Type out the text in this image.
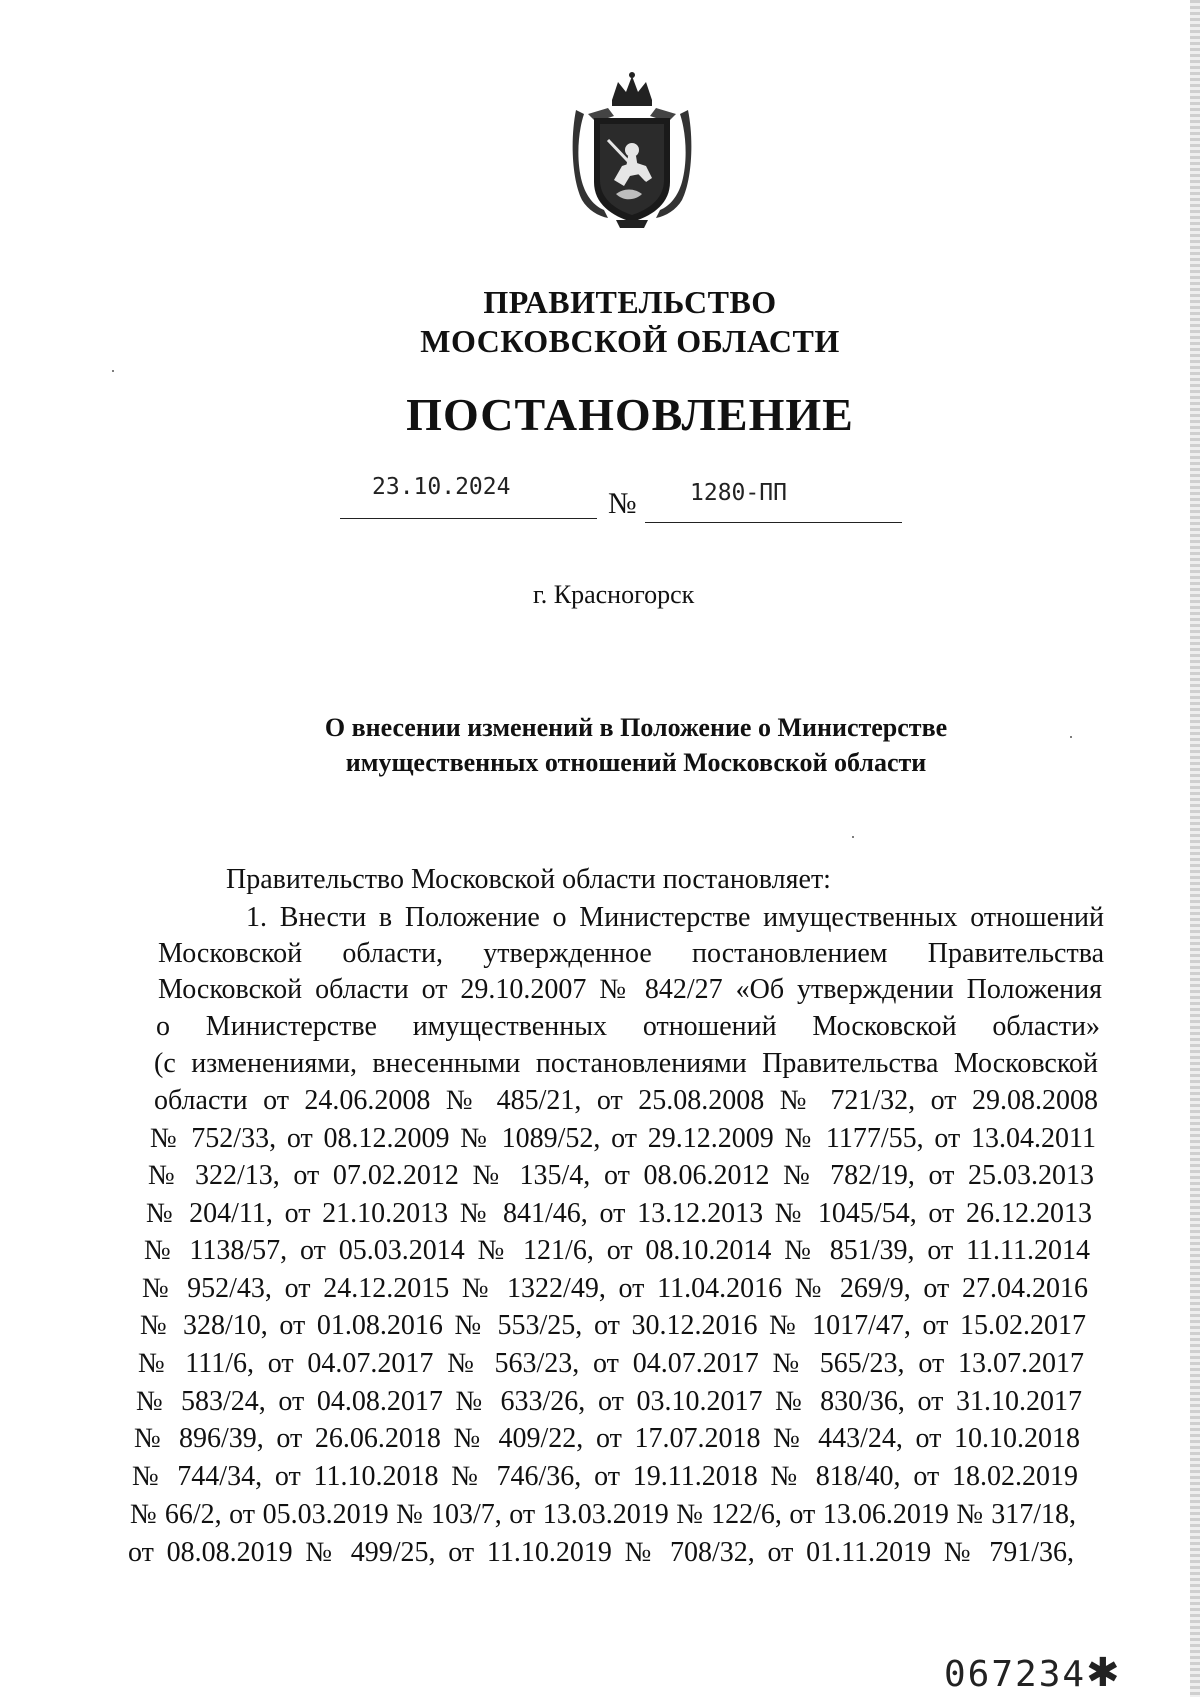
ПРАВИТЕЛЬСТВО
МОСКОВСКОЙ ОБЛАСТИ
ПОСТАНОВЛЕНИЕ
23.10.2024	№ 1280-ПП
г. Красногорск
О внесении изменений в Положение о Министерстве
имущественных отношений Московской области
Правительство Московской области постановляет:
1. Внести в Положение о Министерстве имущественных отношений
Московской области, утвержденное постановлением Правительства
Московской области от 29.10.2007 № 842/27 «Об утверждении Положения
о Министерстве имущественных отношений Московской области»
(с изменениями, внесенными постановлениями Правительства Московской
области от 24.06.2008 № 485/21, от 25.08.2008 № 721/32, от 29.08.2008
№ 752/33, от 08.12.2009 № 1089/52, от 29.12.2009 № 1177/55, от 13.04.2011
№ 322/13, от 07.02.2012 № 135/4, от 08.06.2012 № 782/19, от 25.03.2013
№ 204/11, от 21.10.2013 № 841/46, от 13.12.2013 № 1045/54, от 26.12.2013
№ 1138/57, от 05.03.2014 № 121/6, от 08.10.2014 № 851/39, от 11.11.2014
№ 952/43, от 24.12.2015 № 1322/49, от 11.04.2016 № 269/9, от 27.04.2016
№ 328/10, от 01.08.2016 № 553/25, от 30.12.2016 № 1017/47, от 15.02.2017
№ 111/6, от 04.07.2017 № 563/23, от 04.07.2017 № 565/23, от 13.07.2017
№ 583/24, от 04.08.2017 № 633/26, от 03.10.2017 № 830/36, от 31.10.2017
№ 896/39, от 26.06.2018 № 409/22, от 17.07.2018 № 443/24, от 10.10.2018
№ 744/34, от 11.10.2018 № 746/36, от 19.11.2018 № 818/40, от 18.02.2019
№ 66/2, от 05.03.2019 № 103/7, от 13.03.2019 № 122/6, от 13.06.2019 № 317/18,
от 08.08.2019 № 499/25, от 11.10.2019 № 708/32, от 01.11.2019 № 791/36,
067234 ✱
